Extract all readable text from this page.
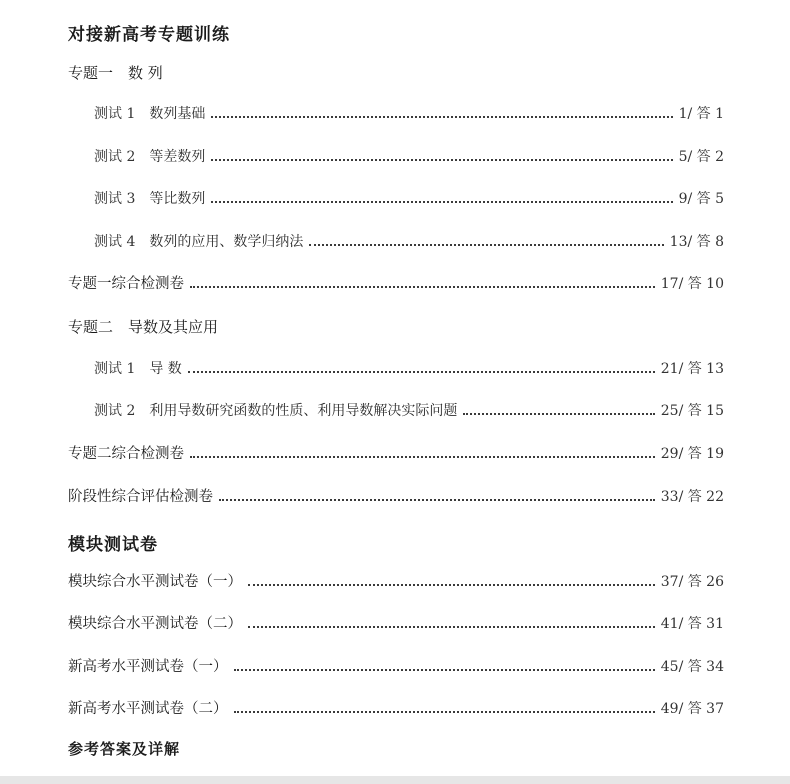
对接新高考专题训练
专题一　数 列
测试 1 数列基础	1/ 答 1
测试 2 等差数列	5/ 答 2
测试 3 等比数列	9/ 答 5
测试 4 数列的应用、数学归纳法	13/ 答 8
专题一综合检测卷	17/ 答 10
专题二　导数及其应用
测试 1 导 数	21/ 答 13
测试 2 利用导数研究函数的性质、利用导数解决实际问题	25/ 答 15
专题二综合检测卷	29/ 答 19
阶段性综合评估检测卷	33/ 答 22
模块测试卷
模块综合水平测试卷（一）	37/ 答 26
模块综合水平测试卷（二）	41/ 答 31
新高考水平测试卷（一）	45/ 答 34
新高考水平测试卷（二）	49/ 答 37
参考答案及详解
